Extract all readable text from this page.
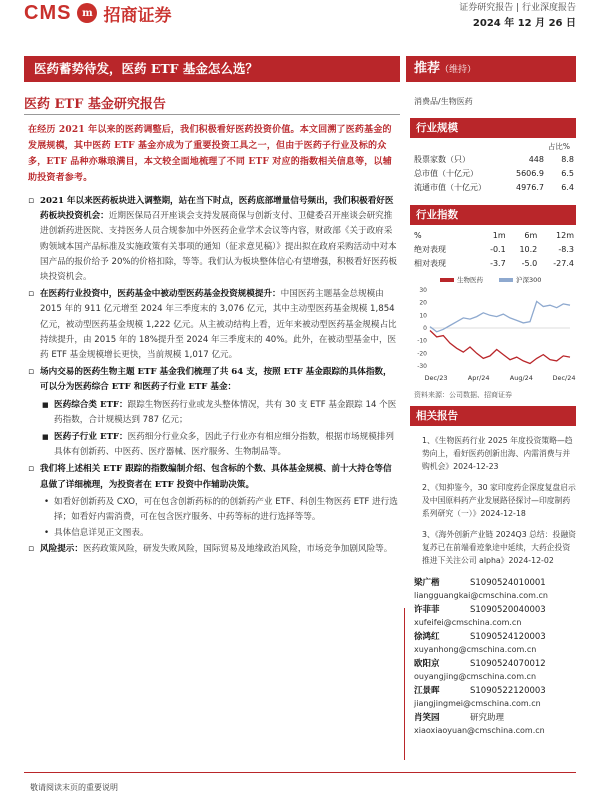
CMS	m 招商证券	证券研究报告 | 行业深度报告
2024 年 12 月 26 日
医药蓄势待发，医药 ETF 基金怎么选？	推荐（维持）
医药 ETF 基金研究报告	消费品/生物医药
在经历 2021 年以来的医药调整后，我们积极看好医药投资价值。本文回溯了医药基金的发展规模，其中医药 ETF 基金亦成为了重要投资工具之一，但由于医药子行业及标的众多，ETF 品种亦琳琅满目，本文较全面地梳理了不同 ETF 对应的指数相关信息等，以辅助投资者参考。
▫ 2021 年以来医药板块进入调整期，站在当下时点，医药底部增量信号频出，我们积极看好医药板块投资机会：近期医保局召开座谈会支持发展商保与创新支付、卫健委召开座谈会研究推进创新药进医院、支持医务人员合规参加中外医药企业学术会议等内容，财政部《关于政府采购领域本国产品标准及实施政策有关事项的通知（征求意见稿）》提出拟在政府采购活动中对本国产品的报价给予 20%的价格扣除，等等。我们认为板块整体信心有望增强，积极看好医药板块投资机会。
▫ 在医药行业投资中，医药基金中被动型医药基金投资规模提升：中国医药主题基金总规模由 2015 年的 911 亿元增至 2024 年三季度末的 3,076 亿元，其中主动型医药基金规模 1,854 亿元，被动型医药基金规模 1,222 亿元。从主被动结构上看，近年来被动型医药基金规模占比持续提升，由 2015 年的 18%提升至 2024 年三季度末的 40%。此外，在被动型基金中，医药 ETF 基金规模增长更快，当前规模 1,017 亿元。
▫ 场内交易的医药生物主题 ETF 基金我们梳理了共 64 支，按照 ETF 基金跟踪的具体指数，可以分为医药综合 ETF 和医药子行业 ETF 基金：
■ 医药综合类 ETF：跟踪生物医药行业或龙头整体情况，共有 30 支 ETF 基金跟踪 14 个医药指数，合计规模达到 787 亿元；
■ 医药子行业 ETF：医药细分行业众多，因此子行业亦有相应细分指数，根据市场规模排列具体有创新药、中医药、医疗器械、医疗服务、生物制品等。
▫ 我们将上述相关 ETF 跟踪的指数编制介绍、包含标的个数、具体基金规模、前十大持仓等信息做了详细梳理，为投资者在 ETF 投资中作辅助决策。
• 如看好创新药及 CXO，可在包含创新药标的的创新药产业 ETF、科创生物医药 ETF 进行选择；如看好内需消费，可在包含医疗服务、中药等标的进行选择等等。
• 具体信息详见正文图表。
▫ 风险提示：医药政策风险，研发失败风险，国际贸易及地缘政治风险，市场竞争加剧风险等。
行业规模
占比%
股票家数（只）	448	8.8
总市值（十亿元）	5606.9	6.5
流通市值（十亿元）	4976.7	6.4
行业指数
%	1m	6m	12m
绝对表现	-0.1	10.2	-8.3
相对表现	-3.7	-5.0	-27.4
生物医药	沪深300
30
20
10
0
-10
-20
-30
Dec/23	Apr/24	Aug/24	Dec/24
资料来源：公司数据、招商证券
相关报告
1、《生物医药行业 2025 年度投资策略—趋势向上，看好医药创新出海、内需消费与并购机会》2024-12-23
2、《知抑鉴今，30 家印度药企深度复盘启示及中国原料药产业发展路径探讨—印度制药系列研究（一）》2024-12-18
3、《海外创新产业链 2024Q3 总结：投融资复苏已在前端看迹象途中延续，大药企投资推进下关注公司 alpha》2024-12-02
梁广楷	S1090524010001
liangguangkai@cmschina.com.cn
许菲菲	S1090520040003
xufeifei@cmschina.com.cn
徐鸿红	S1090524120003
xuyanhong@cmschina.com.cn
欧阳京	S1090524070012
ouyangjing@cmschina.com.cn
江景晖	S1090522120003
jiangjingmei@cmschina.com.cn
肖笑园	研究助理
xiaoxiaoyuan@cmschina.com.cn
敬请阅读末页的重要说明
